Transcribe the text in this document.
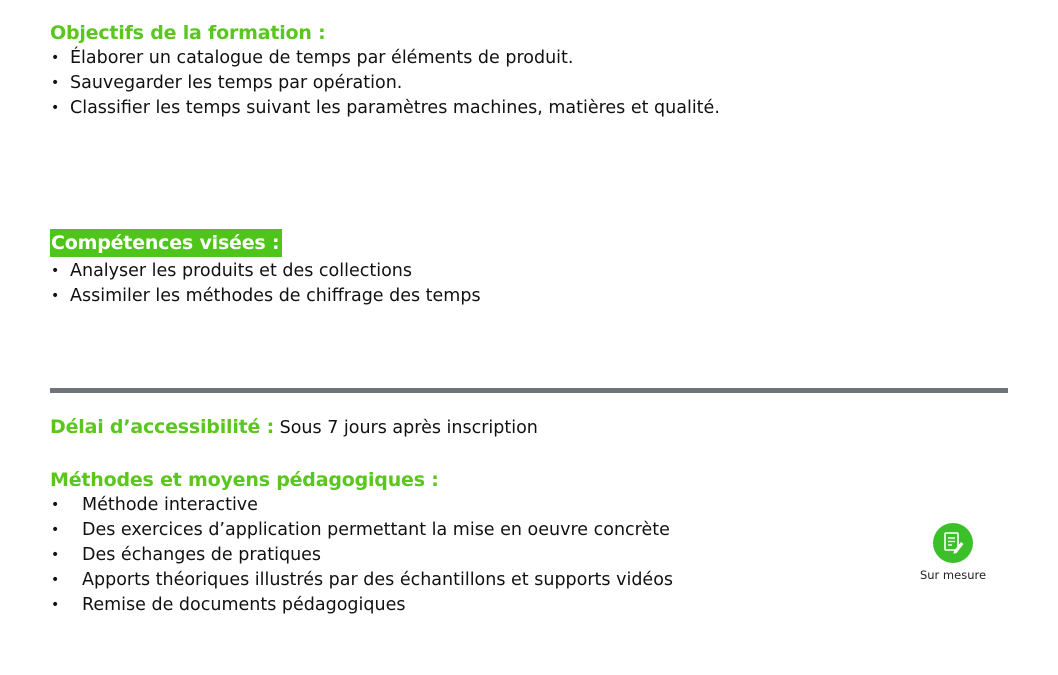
Objectifs de la formation :
• Élaborer un catalogue de temps par éléments de produit.
• Sauvegarder les temps par opération.
• Classifier les temps suivant les paramètres machines, matières et qualité.
Compétences visées :
• Analyser les produits et des collections
• Assimiler les méthodes de chiffrage des temps
Délai d’accessibilité : Sous 7 jours après inscription
Méthodes et moyens pédagogiques :
• Méthode interactive
• Des exercices d’application permettant la mise en oeuvre concrète
• Des échanges de pratiques
• Apports théoriques illustrés par des échantillons et supports vidéos
• Remise de documents pédagogiques
Sur mesure
